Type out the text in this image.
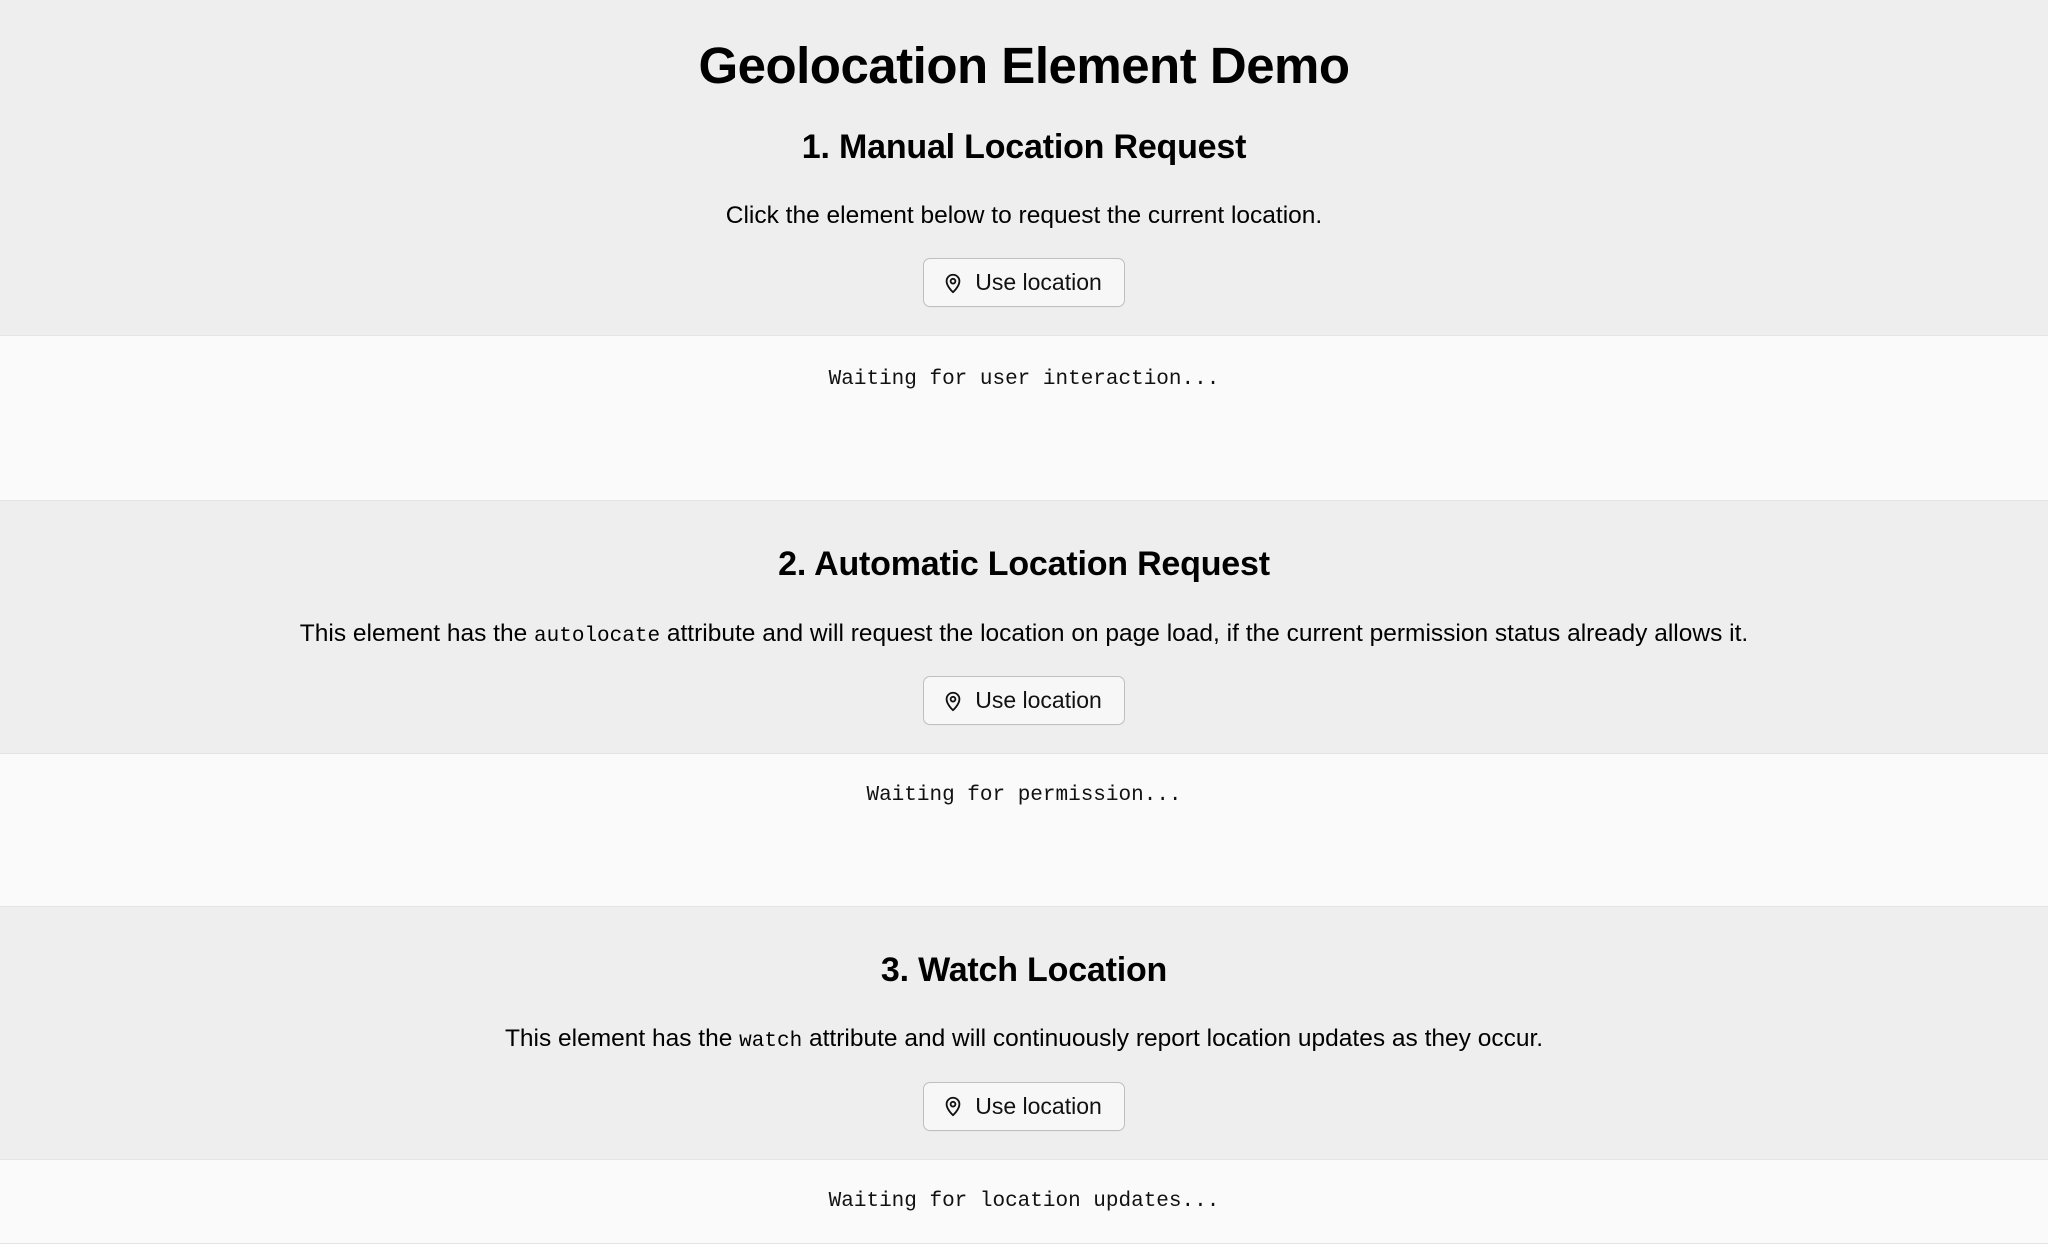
Geolocation Element Demo
1. Manual Location Request

Click the element below to request the current location.

Use location

Waiting for user interaction...

2. Automatic Location Request

This element has the autolocate attribute and will request the location on page load, if the current permission status already allows it.

Use location

Waiting for permission...

3. Watch Location

This element has the watch attribute and will continuously report location updates as they occur.

Use location

Waiting for location updates...
